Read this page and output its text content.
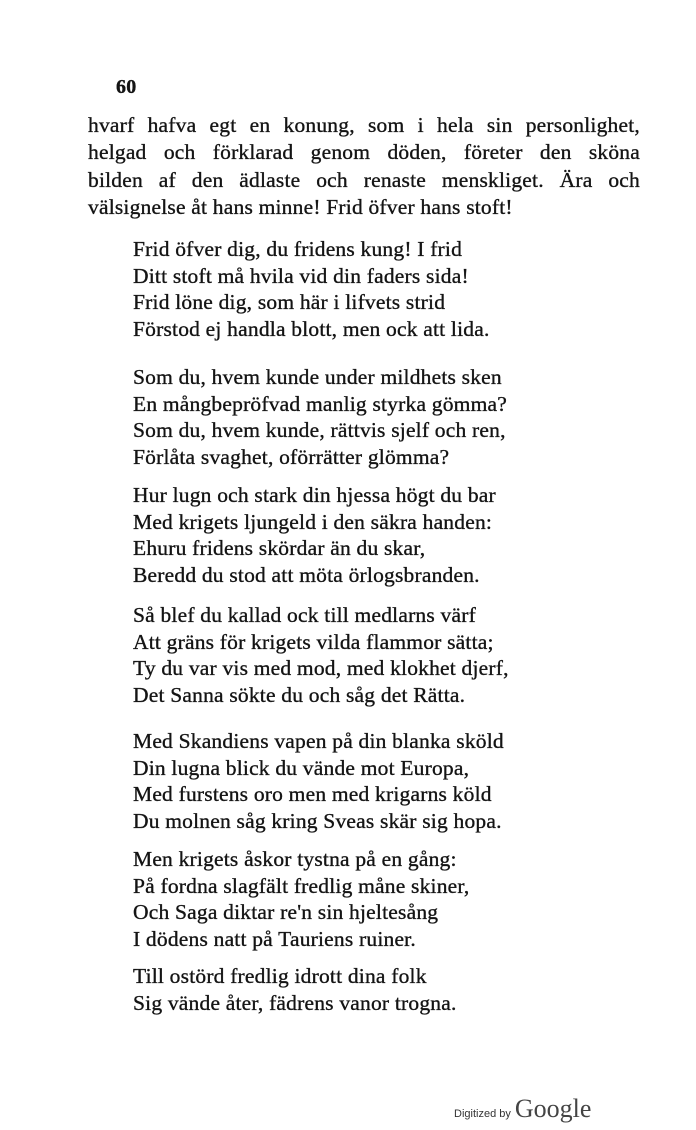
60
hvarf hafva egt en konung, som i hela sin personlighet,
helgad och förklarad genom döden, företer den sköna
bilden af den ädlaste och renaste menskliget. Ära och
välsignelse åt hans minne! Frid öfver hans stoft!
Frid öfver dig, du fridens kung! I frid
Ditt stoft må hvila vid din faders sida!
Frid löne dig, som här i lifvets strid
Förstod ej handla blott, men ock att lida.
Som du, hvem kunde under mildhets sken
En mångbepröfvad manlig styrka gömma?
Som du, hvem kunde, rättvis sjelf och ren,
Förlåta svaghet, oförrätter glömma?
Hur lugn och stark din hjessa högt du bar
Med krigets ljungeld i den säkra handen:
Ehuru fridens skördar än du skar,
Beredd du stod att möta örlogsbranden.
Så blef du kallad ock till medlarns värf
Att gräns för krigets vilda flammor sätta;
Ty du var vis med mod, med klokhet djerf,
Det Sanna sökte du och såg det Rätta.
Med Skandiens vapen på din blanka sköld
Din lugna blick du vände mot Europa,
Med furstens oro men med krigarns köld
Du molnen såg kring Sveas skär sig hopa.
Men krigets åskor tystna på en gång:
På fordna slagfält fredlig måne skiner,
Och Saga diktar re'n sin hjeltesång
I dödens natt på Tauriens ruiner.
Till ostörd fredlig idrott dina folk
Sig vände åter, fädrens vanor trogna.
Digitized by Google
